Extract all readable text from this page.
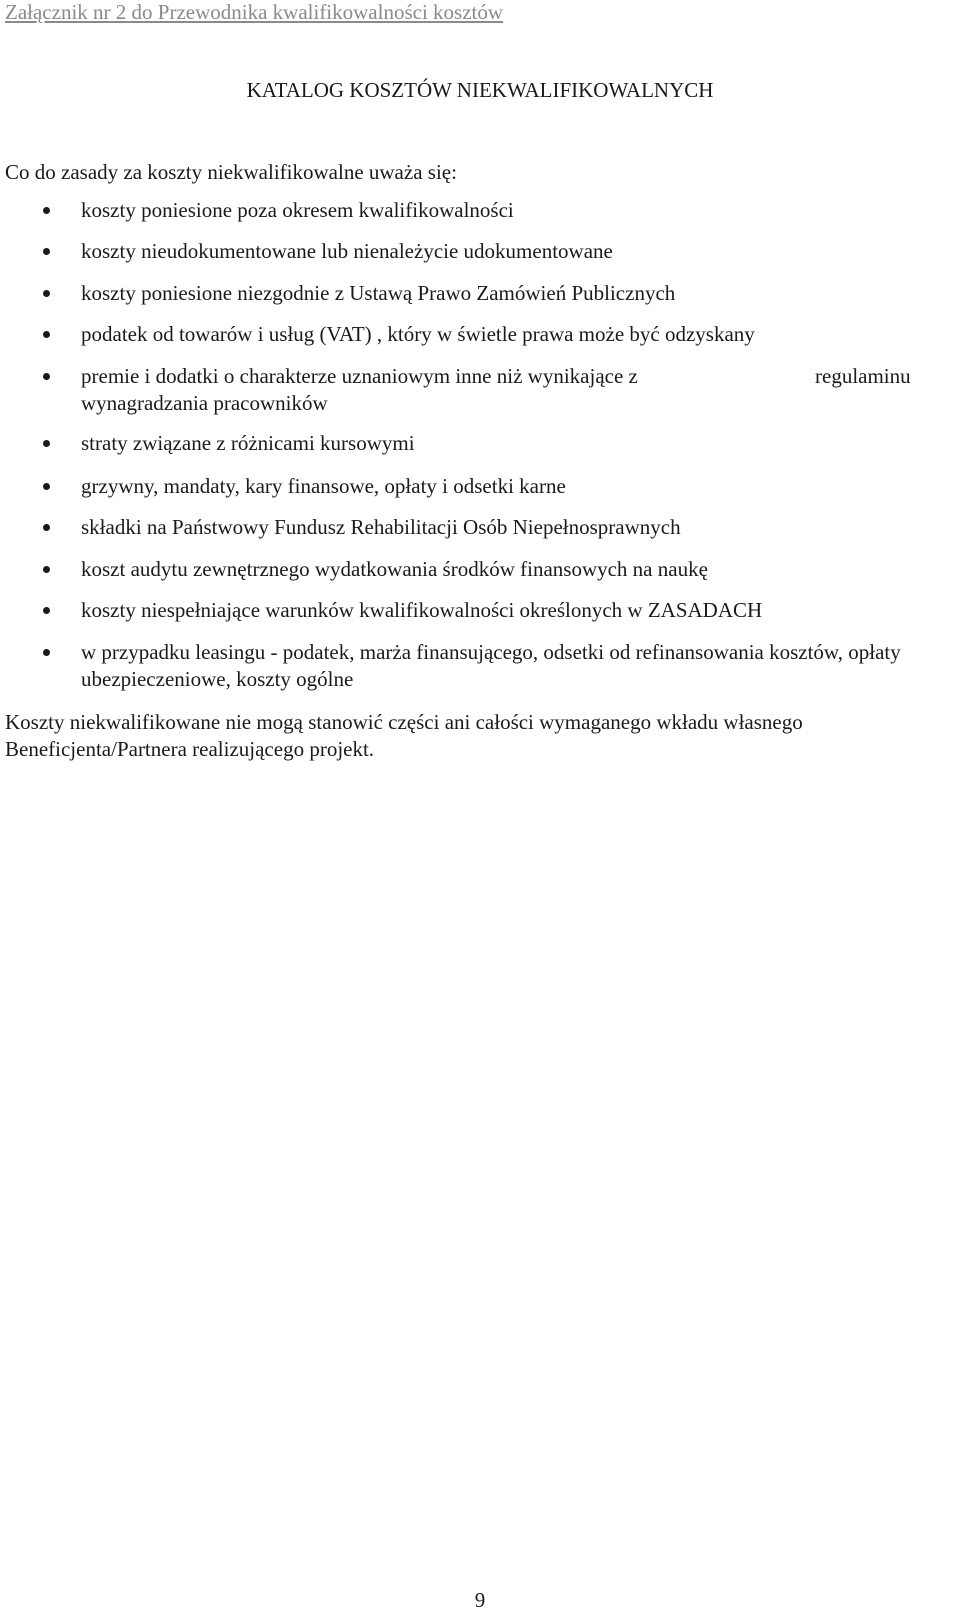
Załącznik nr 2 do Przewodnika kwalifikowalności kosztów
KATALOG KOSZTÓW NIEKWALIFIKOWALNYCH

Co do zasady za koszty niekwalifikowalne uważa się:

koszty poniesione poza okresem kwalifikowalności
koszty nieudokumentowane lub nienależycie udokumentowane
koszty poniesione niezgodnie z Ustawą Prawo Zamówień Publicznych
podatek od towarów i usług (VAT) , który w świetle prawa może być odzyskany
premie i dodatki o charakterze uznaniowym inne niż wynikające z	regulaminu
wynagradzania pracowników
straty związane z różnicami kursowymi
grzywny, mandaty, kary finansowe, opłaty i odsetki karne
składki na Państwowy Fundusz Rehabilitacji Osób Niepełnosprawnych
koszt audytu zewnętrznego wydatkowania środków finansowych na naukę
koszty niespełniające warunków kwalifikowalności określonych w ZASADACH
w przypadku leasingu - podatek, marża finansującego, odsetki od refinansowania kosztów, opłaty ubezpieczeniowe, koszty ogólne

Koszty niekwalifikowane nie mogą stanowić części ani całości wymaganego wkładu własnego Beneficjenta/Partnera realizującego projekt.

9
